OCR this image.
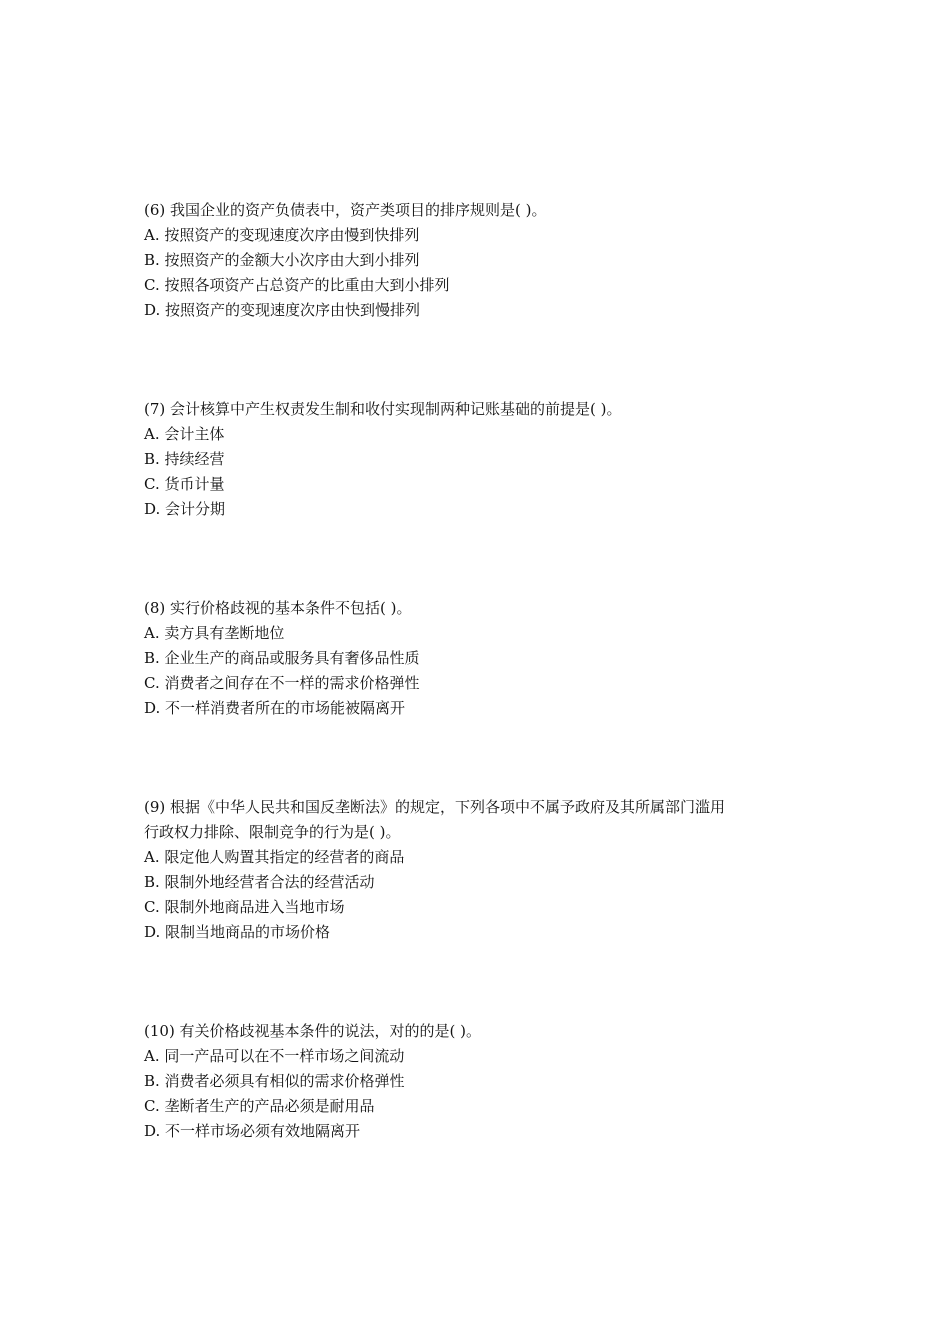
(6) 我国企业的资产负债表中，资产类项目的排序规则是( )。
A. 按照资产的变现速度次序由慢到快排列
B. 按照资产的金额大小次序由大到小排列
C. 按照各项资产占总资产的比重由大到小排列
D. 按照资产的变现速度次序由快到慢排列
(7) 会计核算中产生权责发生制和收付实现制两种记账基础的前提是( )。
A. 会计主体
B. 持续经营
C. 货币计量
D. 会计分期
(8) 实行价格歧视的基本条件不包括( )。
A. 卖方具有垄断地位
B. 企业生产的商品或服务具有奢侈品性质
C. 消费者之间存在不一样的需求价格弹性
D. 不一样消费者所在的市场能被隔离开
(9) 根据《中华人民共和国反垄断法》的规定，下列各项中不属予政府及其所属部门滥用
行政权力排除、限制竞争的行为是( )。
A. 限定他人购置其指定的经营者的商品
B. 限制外地经营者合法的经营活动
C. 限制外地商品进入当地市场
D. 限制当地商品的市场价格
(10) 有关价格歧视基本条件的说法，对的的是( )。
A. 同一产品可以在不一样市场之间流动
B. 消费者必须具有相似的需求价格弹性
C. 垄断者生产的产品必须是耐用品
D. 不一样市场必须有效地隔离开
